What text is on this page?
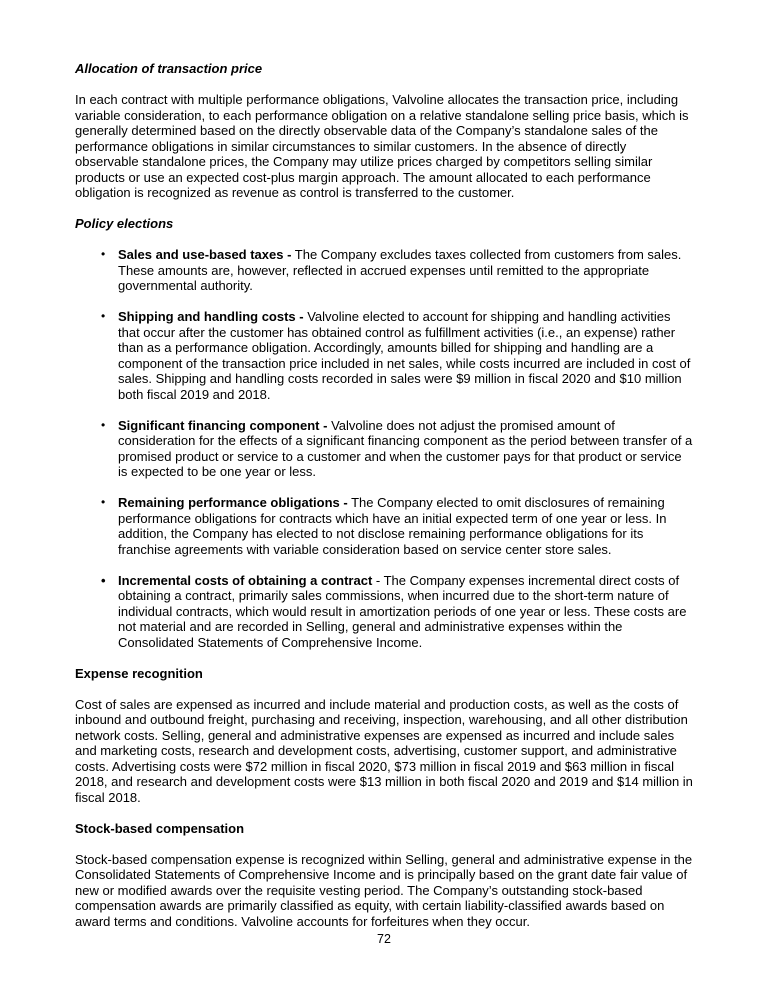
Allocation of transaction price

In each contract with multiple performance obligations, Valvoline allocates the transaction price, including variable consideration, to each performance obligation on a relative standalone selling price basis, which is generally determined based on the directly observable data of the Company’s standalone sales of the performance obligations in similar circumstances to similar customers. In the absence of directly observable standalone prices, the Company may utilize prices charged by competitors selling similar products or use an expected cost-plus margin approach. The amount allocated to each performance obligation is recognized as revenue as control is transferred to the customer.

Policy elections
• Sales and use-based taxes - The Company excludes taxes collected from customers from sales. These amounts are, however, reflected in accrued expenses until remitted to the appropriate governmental authority.
• Shipping and handling costs - Valvoline elected to account for shipping and handling activities that occur after the customer has obtained control as fulfillment activities (i.e., an expense) rather than as a performance obligation. Accordingly, amounts billed for shipping and handling are a component of the transaction price included in net sales, while costs incurred are included in cost of sales. Shipping and handling costs recorded in sales were $9 million in fiscal 2020 and $10 million both fiscal 2019 and 2018.
• Significant financing component - Valvoline does not adjust the promised amount of consideration for the effects of a significant financing component as the period between transfer of a promised product or service to a customer and when the customer pays for that product or service is expected to be one year or less.
• Remaining performance obligations - The Company elected to omit disclosures of remaining performance obligations for contracts which have an initial expected term of one year or less. In addition, the Company has elected to not disclose remaining performance obligations for its franchise agreements with variable consideration based on service center store sales.
• Incremental costs of obtaining a contract - The Company expenses incremental direct costs of obtaining a contract, primarily sales commissions, when incurred due to the short-term nature of individual contracts, which would result in amortization periods of one year or less. These costs are not material and are recorded in Selling, general and administrative expenses within the Consolidated Statements of Comprehensive Income.
Expense recognition

Cost of sales are expensed as incurred and include material and production costs, as well as the costs of inbound and outbound freight, purchasing and receiving, inspection, warehousing, and all other distribution network costs. Selling, general and administrative expenses are expensed as incurred and include sales and marketing costs, research and development costs, advertising, customer support, and administrative costs. Advertising costs were $72 million in fiscal 2020, $73 million in fiscal 2019 and $63 million in fiscal 2018, and research and development costs were $13 million in both fiscal 2020 and 2019 and $14 million in fiscal 2018.

Stock-based compensation

Stock-based compensation expense is recognized within Selling, general and administrative expense in the Consolidated Statements of Comprehensive Income and is principally based on the grant date fair value of new or modified awards over the requisite vesting period. The Company’s outstanding stock-based compensation awards are primarily classified as equity, with certain liability-classified awards based on award terms and conditions. Valvoline accounts for forfeitures when they occur.

72
